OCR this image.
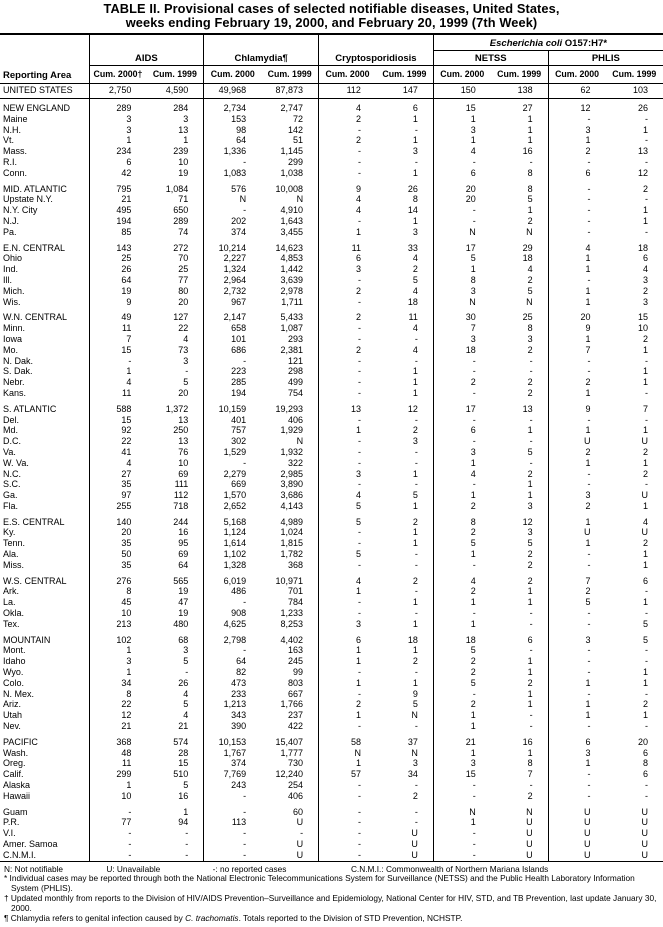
TABLE II. Provisional cases of selected notifiable diseases, United States,
weeks ending February 19, 2000, and February 20, 1999 (7th Week)
Reporting Area							Escherichia coli O157:H7*			
	AIDS		Chlamydia¶		Cryptosporidiosis		NETSS		PHLIS	
	Cum. 2000†	Cum. 1999	Cum. 2000	Cum. 1999	Cum. 2000	Cum. 1999	Cum. 2000	Cum. 1999	Cum. 2000	Cum. 1999
UNITED STATES	2,750	4,590	49,968	87,873	112	147	150	138	62	103

NEW ENGLAND	289	284	2,734	2,747	4	6	15	27	12	26
Maine	3	3	153	72	2	1	1	1	-	-
N.H.	3	13	98	142	-	-	3	1	3	1
Vt.	1	1	64	51	2	1	1	1	1	-
Mass.	234	239	1,336	1,145	-	3	4	16	2	13
R.I.	6	10	-	299	-	-	-	-	-	-
Conn.	42	19	1,083	1,038	-	1	6	8	6	12

MID. ATLANTIC	795	1,084	576	10,008	9	26	20	8	-	2
Upstate N.Y.	21	71	N	N	4	8	20	5	-	-
N.Y. City	495	650	-	4,910	4	14	-	1	-	1
N.J.	194	289	202	1,643	-	1	-	2	-	1
Pa.	85	74	374	3,455	1	3	N	N	-	-

E.N. CENTRAL	143	272	10,214	14,623	11	33	17	29	4	18
Ohio	25	70	2,227	4,853	6	4	5	18	1	6
Ind.	26	25	1,324	1,442	3	2	1	4	1	4
Ill.	64	77	2,964	3,639	-	5	8	2	-	3
Mich.	19	80	2,732	2,978	2	4	3	5	1	2
Wis.	9	20	967	1,711	-	18	N	N	1	3

W.N. CENTRAL	49	127	2,147	5,433	2	11	30	25	20	15
Minn.	11	22	658	1,087	-	4	7	8	9	10
Iowa	7	4	101	293	-	-	3	3	1	2
Mo.	15	73	686	2,381	2	4	18	2	7	1
N. Dak.	-	3	-	121	-	-	-	-	-	-
S. Dak.	1	-	223	298	-	1	-	-	-	1
Nebr.	4	5	285	499	-	1	2	2	2	1
Kans.	11	20	194	754	-	1	-	2	1	-

S. ATLANTIC	588	1,372	10,159	19,293	13	12	17	13	9	7
Del.	15	13	401	406	-	-	-	-	-	-
Md.	92	250	757	1,929	1	2	6	1	1	1
D.C.	22	13	302	N	-	3	-	-	U	U
Va.	41	76	1,529	1,932	-	-	3	5	2	2
W. Va.	4	10	-	322	-	-	1	-	1	1
N.C.	27	69	2,279	2,985	3	1	4	2	-	2
S.C.	35	111	669	3,890	-	-	-	1	-	-
Ga.	97	112	1,570	3,686	4	5	1	1	3	U
Fla.	255	718	2,652	4,143	5	1	2	3	2	1

E.S. CENTRAL	140	244	5,168	4,989	5	2	8	12	1	4
Ky.	20	16	1,124	1,024	-	1	2	3	U	U
Tenn.	35	95	1,614	1,815	-	1	5	5	1	2
Ala.	50	69	1,102	1,782	5	-	1	2	-	1
Miss.	35	64	1,328	368	-	-	-	2	-	1

W.S. CENTRAL	276	565	6,019	10,971	4	2	4	2	7	6
Ark.	8	19	486	701	1	-	2	1	2	-
La.	45	47	-	784	-	1	1	1	5	1
Okla.	10	19	908	1,233	-	-	-	-	-	-
Tex.	213	480	4,625	8,253	3	1	1	-	-	5

MOUNTAIN	102	68	2,798	4,402	6	18	18	6	3	5
Mont.	1	3	-	163	1	1	5	-	-	-
Idaho	3	5	64	245	1	2	2	1	-	-
Wyo.	1	-	82	99	-	-	2	1	-	1
Colo.	34	26	473	803	1	1	5	2	1	1
N. Mex.	8	4	233	667	-	9	-	1	-	-
Ariz.	22	5	1,213	1,766	2	5	2	1	1	2
Utah	12	4	343	237	1	N	1	-	1	1
Nev.	21	21	390	422	-	-	1	-	-	-

PACIFIC	368	574	10,153	15,407	58	37	21	16	6	20
Wash.	48	28	1,767	1,777	N	N	1	1	3	6
Oreg.	11	15	374	730	1	3	3	8	1	8
Calif.	299	510	7,769	12,240	57	34	15	7	-	6
Alaska	1	5	243	254	-	-	-	-	-	-
Hawaii	10	16	-	406	-	2	-	2	-	-

Guam	-	1	-	60	-	-	N	N	U	U
P.R.	77	94	113	U	-	-	1	U	U	U
V.I.	-	-	-	-	-	U	-	U	U	U
Amer. Samoa	-	-	-	U	-	U	-	U	U	U
C.N.M.I.	-	-	-	U	-	U	-	U	U	U
N: Not notifiable	U: Unavailable	-: no reported cases	C.N.M.I.: Commonwealth of Northern Mariana Islands
* Individual cases may be reported through both the National Electronic Telecommunications System for Surveillance (NETSS) and the Public Health Laboratory Information System (PHLIS).
† Updated monthly from reports to the Division of HIV/AIDS Prevention–Surveillance and Epidemiology, National Center for HIV, STD, and TB Prevention, last update January 30, 2000.
¶ Chlamydia refers to genital infection caused by C. trachomatis. Totals reported to the Division of STD Prevention, NCHSTP.
